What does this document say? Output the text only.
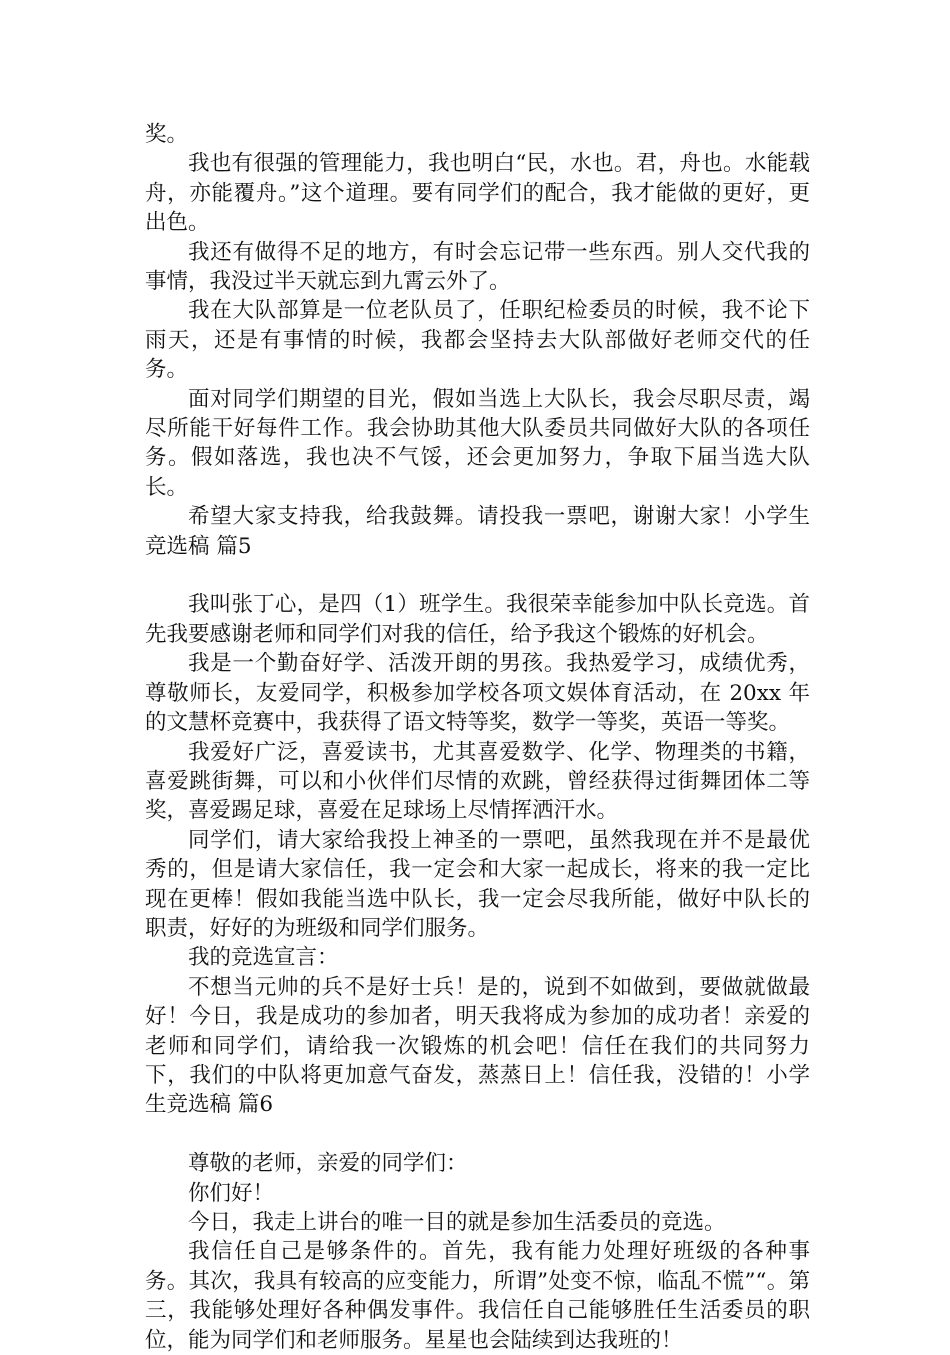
奖。

我也有很强的管理能力，我也明白“民，水也。君，舟也。水能载舟，亦能覆舟。”这个道理。要有同学们的配合，我才能做的更好，更出色。

我还有做得不足的地方，有时会忘记带一些东西。别人交代我的事情，我没过半天就忘到九霄云外了。

我在大队部算是一位老队员了，任职纪检委员的时候，我不论下雨天，还是有事情的时候，我都会坚持去大队部做好老师交代的任务。

面对同学们期望的目光，假如当选上大队长，我会尽职尽责，竭尽所能干好每件工作。我会协助其他大队委员共同做好大队的各项任务。假如落选，我也决不气馁，还会更加努力，争取下届当选大队长。

希望大家支持我，给我鼓舞。请投我一票吧，谢谢大家！小学生竞选稿 篇5

我叫张丁心，是四（1）班学生。我很荣幸能参加中队长竞选。首先我要感谢老师和同学们对我的信任，给予我这个锻炼的好机会。

我是一个勤奋好学、活泼开朗的男孩。我热爱学习，成绩优秀，尊敬师长，友爱同学，积极参加学校各项文娱体育活动，在 20xx 年的文慧杯竞赛中，我获得了语文特等奖，数学一等奖，英语一等奖。

我爱好广泛，喜爱读书，尤其喜爱数学、化学、物理类的书籍，喜爱跳街舞，可以和小伙伴们尽情的欢跳，曾经获得过街舞团体二等奖，喜爱踢足球，喜爱在足球场上尽情挥洒汗水。

同学们，请大家给我投上神圣的一票吧，虽然我现在并不是最优秀的，但是请大家信任，我一定会和大家一起成长，将来的我一定比现在更棒！假如我能当选中队长，我一定会尽我所能，做好中队长的职责，好好的为班级和同学们服务。

我的竞选宣言：

不想当元帅的兵不是好士兵！是的，说到不如做到，要做就做最好！今日，我是成功的参加者，明天我将成为参加的成功者！亲爱的老师和同学们，请给我一次锻炼的机会吧！信任在我们的共同努力下，我们的中队将更加意气奋发，蒸蒸日上！信任我，没错的！小学生竞选稿 篇6

尊敬的老师，亲爱的同学们：

你们好！

今日，我走上讲台的唯一目的就是参加生活委员的竞选。

我信任自己是够条件的。首先，我有能力处理好班级的各种事务。其次，我具有较高的应变能力，所谓”处变不惊，临乱不慌”“。第三，我能够处理好各种偶发事件。我信任自己能够胜任生活委员的职位，能为同学们和老师服务。星星也会陆续到达我班的！
